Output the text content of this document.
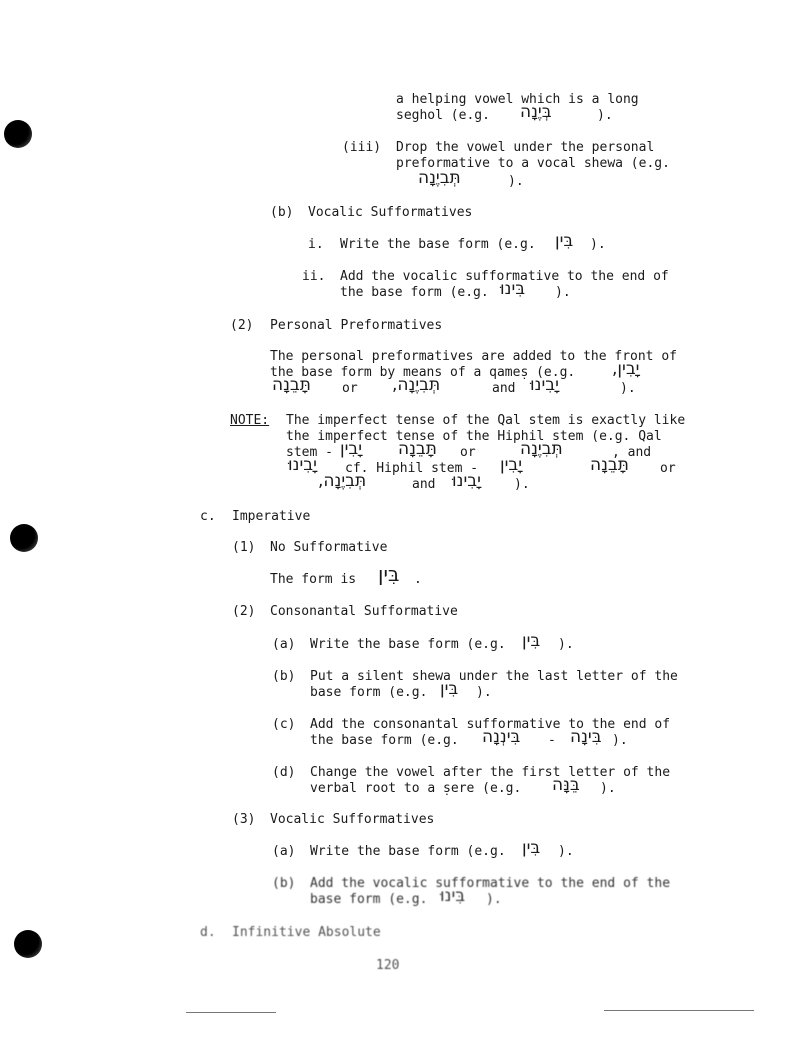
a helping vowel which is a long
seghol (e.g. בְּיֶנָה	).
(iii) Drop the vowel under the personal
preformative to a vocal shewa (e.g.
תְּבִיֶנָה	).
(b) Vocalic Sufformatives
i. Write the base form (e.g. בִּין ).
ii. Add the vocalic sufformative to the end of
the base form (e.g. בִּינוּ ).
(2) Personal Preformatives
The personal preformatives are added to the front of
the base form by means of a qameṣ (e.g. יָבִין,
תָּבֵנָה or תְּבִיֶנָה,	and יָבִינוּ	).
NOTE: The imperfect tense of the Qal stem is exactly like
the imperfect tense of the Hiphil stem (e.g. Qal
stem - יָבִין תָּבֵנָה or	תְּבִיֶנָה	, and
יָבִינוּ cf. Hiphil stem - יָבִין	תָּבֵנָה or
תְּבִיֶנָה,	and יָבִינוּ	).
c. Imperative
(1) No Sufformative
The form is בִּין .
(2) Consonantal Sufformative
(a) Write the base form (e.g. בִּין ).
(b) Put a silent shewa under the last letter of the
base form (e.g. בִּין ).
(c) Add the consonantal sufformative to the end of
the base form (e.g. בִּינְנָה - בִּינָה ).
(d) Change the vowel after the first letter of the
verbal root to a ṣere (e.g. בֵּנָּה ).
(3) Vocalic Sufformatives
(a) Write the base form (e.g. בִּין ).
(b) Add the vocalic sufformative to the end of the
base form (e.g. בִּינוּ ).
d. Infinitive Absolute
120
